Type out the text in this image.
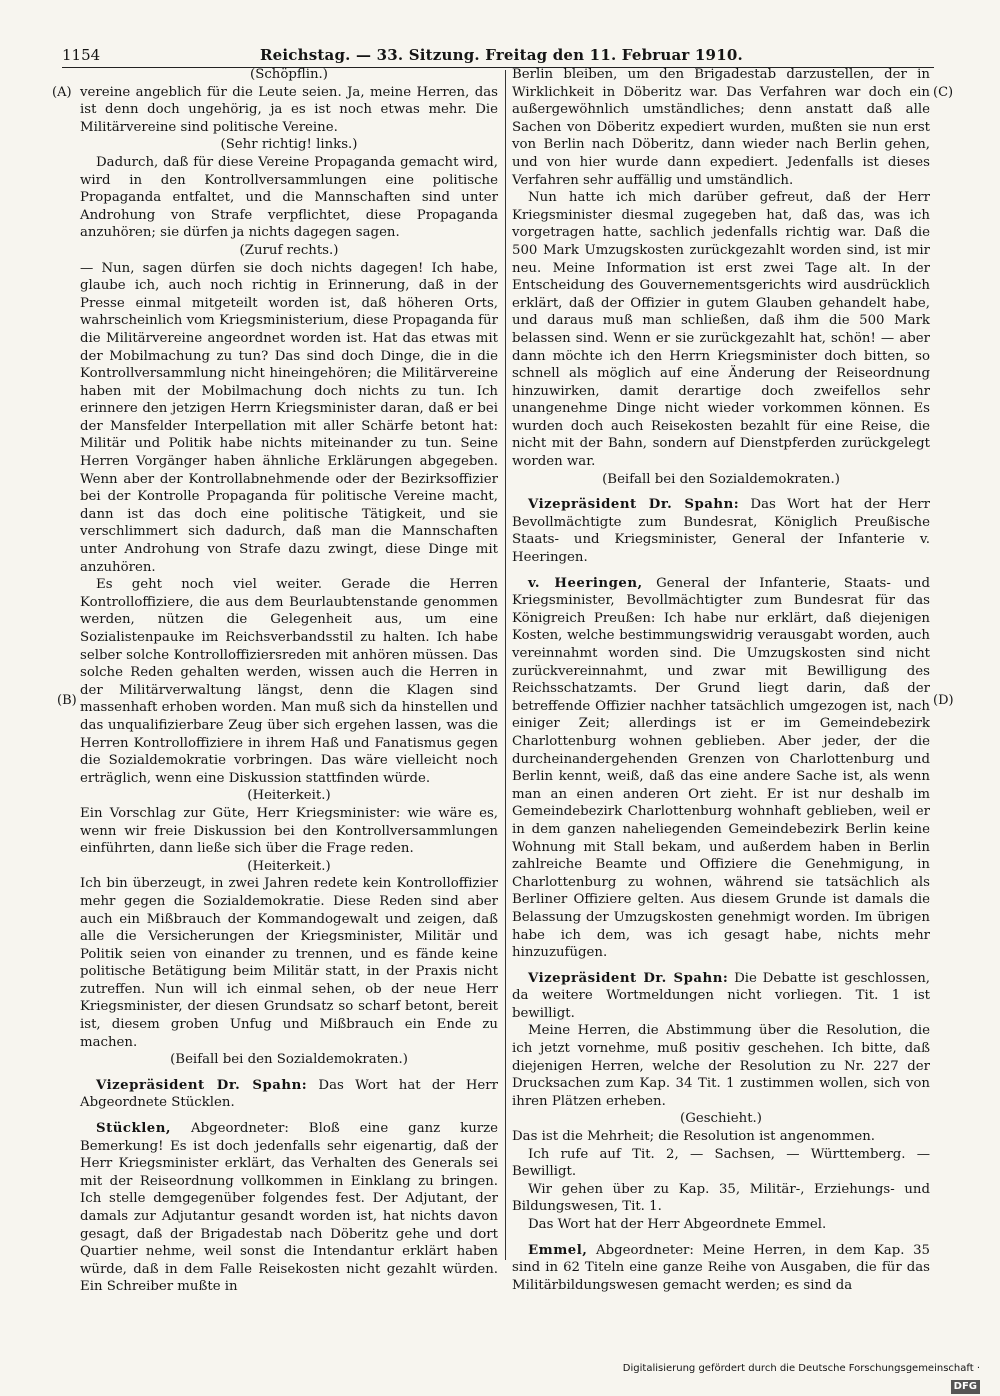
1154	Reichstag. — 33. Sitzung. Freitag den 11. Februar 1910.
(A)
(B)
(C)
(D)

(Schöpflin.)

vereine angeblich für die Leute seien. Ja, meine Herren, das ist denn doch ungehörig, ja es ist noch etwas mehr. Die Militärvereine sind politische Vereine.

(Sehr richtig! links.)

Dadurch, daß für diese Vereine Propaganda gemacht wird, wird in den Kontrollversammlungen eine politische Propaganda entfaltet, und die Mannschaften sind unter Androhung von Strafe verpflichtet, diese Propaganda anzuhören; sie dürfen ja nichts dagegen sagen.

(Zuruf rechts.)

— Nun, sagen dürfen sie doch nichts dagegen! Ich habe, glaube ich, auch noch richtig in Erinnerung, daß in der Presse einmal mitgeteilt worden ist, daß höheren Orts, wahrscheinlich vom Kriegsministerium, diese Propaganda für die Militärvereine angeordnet worden ist. Hat das etwas mit der Mobilmachung zu tun? Das sind doch Dinge, die in die Kontrollversammlung nicht hineingehören; die Militärvereine haben mit der Mobilmachung doch nichts zu tun. Ich erinnere den jetzigen Herrn Kriegsminister daran, daß er bei der Mansfelder Interpellation mit aller Schärfe betont hat: Militär und Politik habe nichts miteinander zu tun. Seine Herren Vorgänger haben ähnliche Erklärungen abgegeben. Wenn aber der Kontrollabnehmende oder der Bezirksoffizier bei der Kontrolle Propaganda für politische Vereine macht, dann ist das doch eine politische Tätigkeit, und sie verschlimmert sich dadurch, daß man die Mannschaften unter Androhung von Strafe dazu zwingt, diese Dinge mit anzuhören.

Es geht noch viel weiter. Gerade die Herren Kontrolloffiziere, die aus dem Beurlaubtenstande genommen werden, nützen die Gelegenheit aus, um eine Sozialistenpauke im Reichsverbandsstil zu halten. Ich habe selber solche Kontrolloffiziersreden mit anhören müssen. Das solche Reden gehalten werden, wissen auch die Herren in der Militärverwaltung längst, denn die Klagen sind massenhaft erhoben worden. Man muß sich da hinstellen und das unqualifizierbare Zeug über sich ergehen lassen, was die Herren Kontrolloffiziere in ihrem Haß und Fanatismus gegen die Sozialdemokratie vorbringen. Das wäre vielleicht noch erträglich, wenn eine Diskussion stattfinden würde.

(Heiterkeit.)

Ein Vorschlag zur Güte, Herr Kriegsminister: wie wäre es, wenn wir freie Diskussion bei den Kontrollversammlungen einführten, dann ließe sich über die Frage reden.

(Heiterkeit.)

Ich bin überzeugt, in zwei Jahren redete kein Kontrolloffizier mehr gegen die Sozialdemokratie. Diese Reden sind aber auch ein Mißbrauch der Kommandogewalt und zeigen, daß alle die Versicherungen der Kriegsminister, Militär und Politik seien von einander zu trennen, und es fände keine politische Betätigung beim Militär statt, in der Praxis nicht zutreffen. Nun will ich einmal sehen, ob der neue Herr Kriegsminister, der diesen Grundsatz so scharf betont, bereit ist, diesem groben Unfug und Mißbrauch ein Ende zu machen.

(Beifall bei den Sozialdemokraten.)

Vizepräsident Dr. Spahn: Das Wort hat der Herr Abgeordnete Stücklen.

Stücklen, Abgeordneter: Bloß eine ganz kurze Bemerkung! Es ist doch jedenfalls sehr eigenartig, daß der Herr Kriegsminister erklärt, das Verhalten des Generals sei mit der Reiseordnung vollkommen in Einklang zu bringen. Ich stelle demgegenüber folgendes fest. Der Adjutant, der damals zur Adjutantur gesandt worden ist, hat nichts davon gesagt, daß der Brigadestab nach Döberitz gehe und dort Quartier nehme, weil sonst die Intendantur erklärt haben würde, daß in dem Falle Reisekosten nicht gezahlt würden. Ein Schreiber mußte in

Berlin bleiben, um den Brigadestab darzustellen, der in Wirklichkeit in Döberitz war. Das Verfahren war doch ein außergewöhnlich umständliches; denn anstatt daß alle Sachen von Döberitz expediert wurden, mußten sie nun erst von Berlin nach Döberitz, dann wieder nach Berlin gehen, und von hier wurde dann expediert. Jedenfalls ist dieses Verfahren sehr auffällig und umständlich.

Nun hatte ich mich darüber gefreut, daß der Herr Kriegsminister diesmal zugegeben hat, daß das, was ich vorgetragen hatte, sachlich jedenfalls richtig war. Daß die 500 Mark Umzugskosten zurückgezahlt worden sind, ist mir neu. Meine Information ist erst zwei Tage alt. In der Entscheidung des Gouvernementsgerichts wird ausdrücklich erklärt, daß der Offizier in gutem Glauben gehandelt habe, und daraus muß man schließen, daß ihm die 500 Mark belassen sind. Wenn er sie zurückgezahlt hat, schön! — aber dann möchte ich den Herrn Kriegsminister doch bitten, so schnell als möglich auf eine Änderung der Reiseordnung hinzuwirken, damit derartige doch zweifellos sehr unangenehme Dinge nicht wieder vorkommen können. Es wurden doch auch Reisekosten bezahlt für eine Reise, die nicht mit der Bahn, sondern auf Dienstpferden zurückgelegt worden war.

(Beifall bei den Sozialdemokraten.)

Vizepräsident Dr. Spahn: Das Wort hat der Herr Bevollmächtigte zum Bundesrat, Königlich Preußische Staats- und Kriegsminister, General der Infanterie v. Heeringen.

v. Heeringen, General der Infanterie, Staats- und Kriegsminister, Bevollmächtigter zum Bundesrat für das Königreich Preußen: Ich habe nur erklärt, daß diejenigen Kosten, welche bestimmungswidrig verausgabt worden, auch vereinnahmt worden sind. Die Umzugskosten sind nicht zurückvereinnahmt, und zwar mit Bewilligung des Reichsschatzamts. Der Grund liegt darin, daß der betreffende Offizier nachher tatsächlich umgezogen ist, nach einiger Zeit; allerdings ist er im Gemeindebezirk Charlottenburg wohnen geblieben. Aber jeder, der die durcheinandergehenden Grenzen von Charlottenburg und Berlin kennt, weiß, daß das eine andere Sache ist, als wenn man an einen anderen Ort zieht. Er ist nur deshalb im Gemeindebezirk Charlottenburg wohnhaft geblieben, weil er in dem ganzen naheliegenden Gemeindebezirk Berlin keine Wohnung mit Stall bekam, und außerdem haben in Berlin zahlreiche Beamte und Offiziere die Genehmigung, in Charlottenburg zu wohnen, während sie tatsächlich als Berliner Offiziere gelten. Aus diesem Grunde ist damals die Belassung der Umzugskosten genehmigt worden. Im übrigen habe ich dem, was ich gesagt habe, nichts mehr hinzuzufügen.

Vizepräsident Dr. Spahn: Die Debatte ist geschlossen, da weitere Wortmeldungen nicht vorliegen. Tit. 1 ist bewilligt.

Meine Herren, die Abstimmung über die Resolution, die ich jetzt vornehme, muß positiv geschehen. Ich bitte, daß diejenigen Herren, welche der Resolution zu Nr. 227 der Drucksachen zum Kap. 34 Tit. 1 zustimmen wollen, sich von ihren Plätzen erheben.

(Geschieht.)

Das ist die Mehrheit; die Resolution ist angenommen.

Ich rufe auf Tit. 2, — Sachsen, — Württemberg. — Bewilligt.

Wir gehen über zu Kap. 35, Militär-, Erziehungs- und Bildungswesen, Tit. 1.

Das Wort hat der Herr Abgeordnete Emmel.

Emmel, Abgeordneter: Meine Herren, in dem Kap. 35 sind in 62 Titeln eine ganze Reihe von Ausgaben, die für das Militärbildungswesen gemacht werden; es sind da

Digitalisierung gefördert durch die Deutsche Forschungsgemeinschaft ·DFG
